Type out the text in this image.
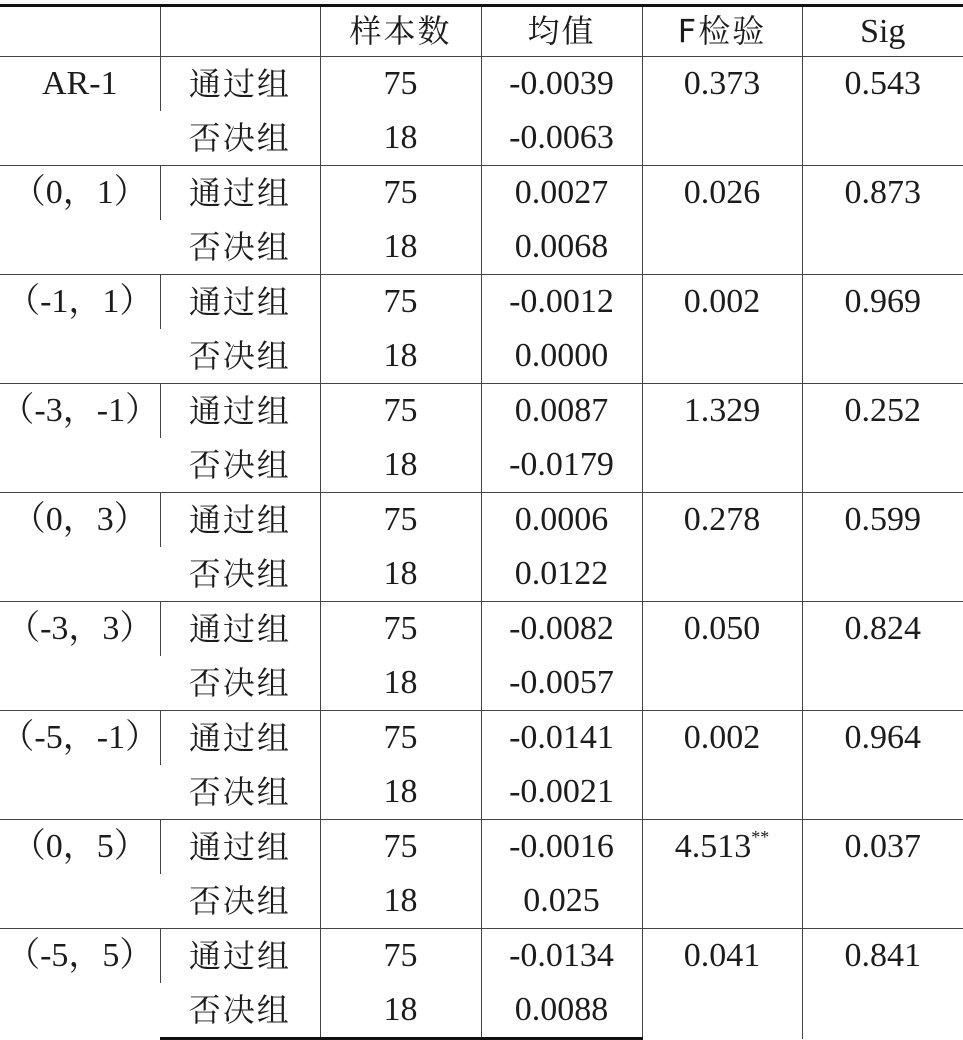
		样本数	均值	F检验	Sig
AR-1	通过组	75	-0.0039	0.373	0.543
	否决组	18	-0.0063		
（0，1）	通过组	75	0.0027	0.026	0.873
	否决组	18	0.0068		
（-1，1）	通过组	75	-0.0012	0.002	0.969
	否决组	18	0.0000		
（-3，-1）	通过组	75	0.0087	1.329	0.252
	否决组	18	-0.0179		
（0，3）	通过组	75	0.0006	0.278	0.599
	否决组	18	0.0122		
（-3，3）	通过组	75	-0.0082	0.050	0.824
	否决组	18	-0.0057		
（-5，-1）	通过组	75	-0.0141	0.002	0.964
	否决组	18	-0.0021		
（0，5）	通过组	75	-0.0016	4.513**	0.037
	否决组	18	0.025		
（-5，5）	通过组	75	-0.0134	0.041	0.841
	否决组	18	0.0088		
